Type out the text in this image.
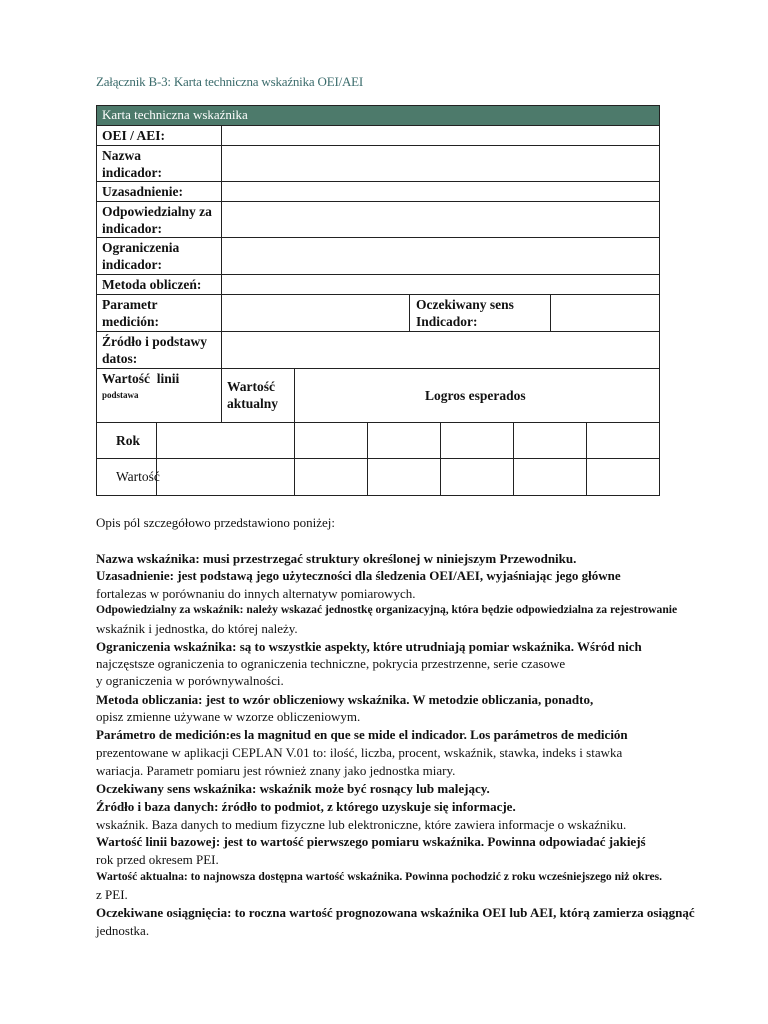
Załącznik B-3: Karta techniczna wskaźnika OEI/AEI
Karta techniczna wskaźnika
OEI / AEI:
Nazwa
indicador:
Uzasadnienie:
Odpowiedzialny za
indicador:
Ograniczenia
indicador:
Metoda obliczeń:
Parametr
medición:
Oczekiwany sens
Indicador:
Źródło i podstawy
datos:
Wartość  linii
podstawa
Wartość
aktualny
Logros esperados
Rok
Wartość
Opis pól szczegółowo przedstawiono poniżej:
Nazwa wskaźnika: musi przestrzegać struktury określonej w niniejszym Przewodniku.
Uzasadnienie: jest podstawą jego użyteczności dla śledzenia OEI/AEI, wyjaśniając jego główne
fortalezas w porównaniu do innych alternatyw pomiarowych.
Odpowiedzialny za wskaźnik: należy wskazać jednostkę organizacyjną, która będzie odpowiedzialna za rejestrowanie
wskaźnik i jednostka, do której należy.
Ograniczenia wskaźnika: są to wszystkie aspekty, które utrudniają pomiar wskaźnika. Wśród nich
najczęstsze ograniczenia to ograniczenia techniczne, pokrycia przestrzenne, serie czasowe
y ograniczenia w porównywalności.
Metoda obliczania: jest to wzór obliczeniowy wskaźnika. W metodzie obliczania, ponadto,
opisz zmienne używane w wzorze obliczeniowym.
Parámetro de medición:es la magnitud en que se mide el indicador. Los parámetros de medición
prezentowane w aplikacji CEPLAN V.01 to: ilość, liczba, procent, wskaźnik, stawka, indeks i stawka
wariacja. Parametr pomiaru jest również znany jako jednostka miary.
Oczekiwany sens wskaźnika: wskaźnik może być rosnący lub malejący.
Źródło i baza danych: źródło to podmiot, z którego uzyskuje się informacje.
wskaźnik. Baza danych to medium fizyczne lub elektroniczne, które zawiera informacje o wskaźniku.
Wartość linii bazowej: jest to wartość pierwszego pomiaru wskaźnika. Powinna odpowiadać jakiejś
rok przed okresem PEI.
Wartość aktualna: to najnowsza dostępna wartość wskaźnika. Powinna pochodzić z roku wcześniejszego niż okres.
z PEI.
Oczekiwane osiągnięcia: to roczna wartość prognozowana wskaźnika OEI lub AEI, którą zamierza osiągnąć
jednostka.
